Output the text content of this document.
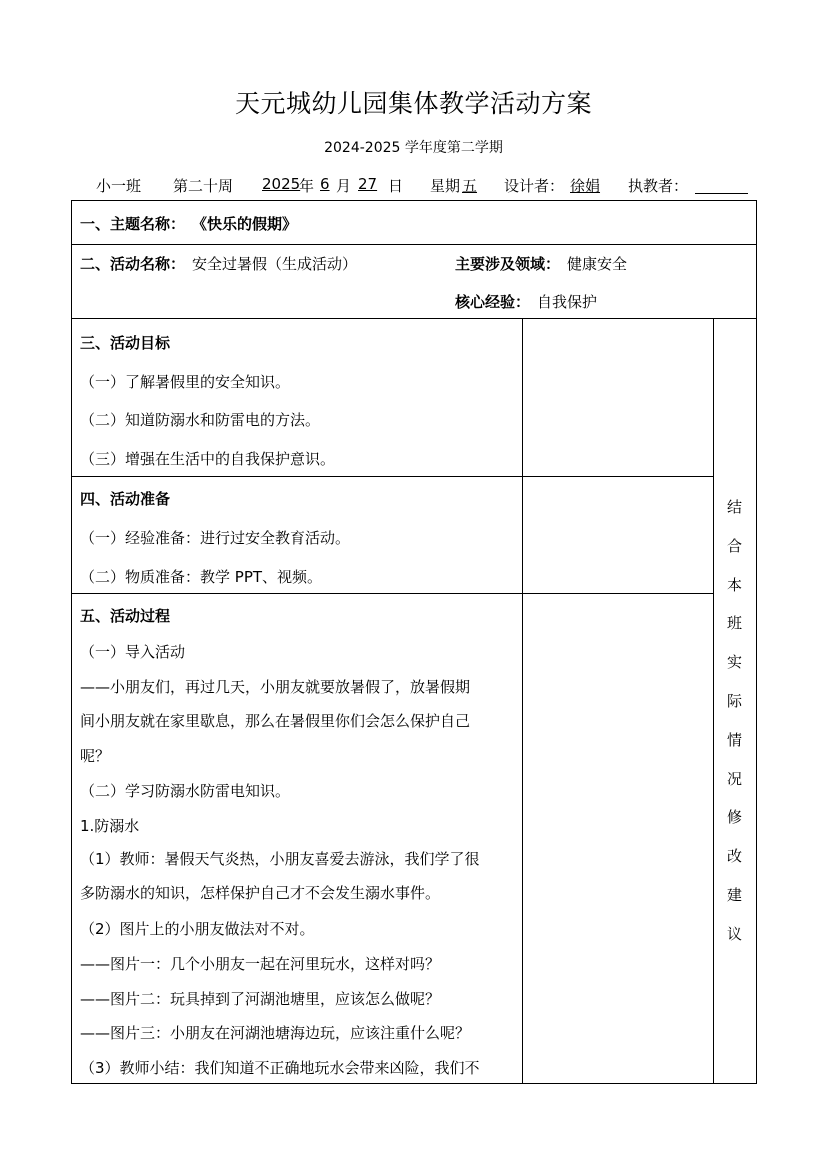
天元城幼儿园集体教学活动方案
2024-2025 学年度第二学期
小一班 第二十周 2025
年 6 月 27 日 星期 五 设计者： 徐娟 执教者：
一、主题名称： 《快乐的假期》
二、活动名称： 安全过暑假（生成活动）	主要涉及领域： 健康安全
核心经验： 自我保护
三、活动目标
（一）了解暑假里的安全知识。
（二）知道防溺水和防雷电的方法。
（三）增强在生活中的自我保护意识。
四、活动准备
（一）经验准备：进行过安全教育活动。
（二）物质准备：教学 PPT、视频。
五、活动过程
（一）导入活动
——小朋友们，再过几天，小朋友就要放暑假了，放暑假期
间小朋友就在家里歇息，那么在暑假里你们会怎么保护自己
呢？
（二）学习防溺水防雷电知识。
1.防溺水
（1）教师：暑假天气炎热，小朋友喜爱去游泳，我们学了很
多防溺水的知识，怎样保护自己才不会发生溺水事件。
（2）图片上的小朋友做法对不对。
——图片一：几个小朋友一起在河里玩水，这样对吗？
——图片二：玩具掉到了河湖池塘里，应该怎么做呢？
——图片三：小朋友在河湖池塘海边玩，应该注重什么呢？
（3）教师小结：我们知道不正确地玩水会带来凶险，我们不
结
合
本
班
实
际
情
况
修
改
建
议
